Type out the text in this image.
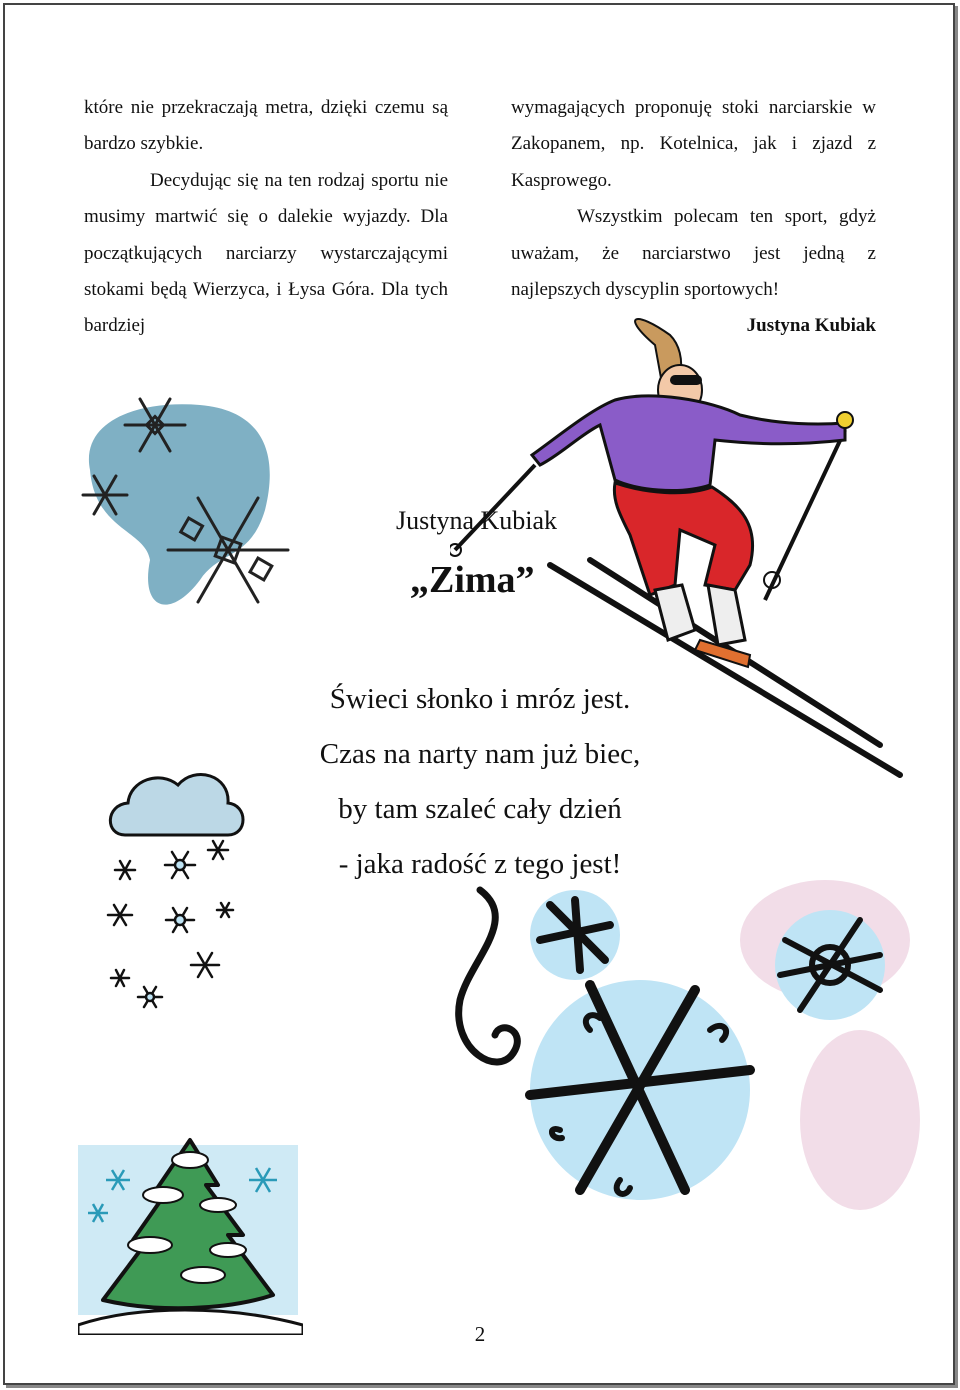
które nie przekraczają metra, dzięki czemu są bardzo szybkie.

Decydując się na ten rodzaj sportu nie musimy martwić się o dalekie wyjazdy. Dla początkujących narciarzy wystarczającymi stokami będą Wierzyca, i Łysa Góra. Dla tych bardziej

wymagających proponuję stoki narciarskie w Zakopanem, np. Kotelnica, jak i zjazd z Kasprowego.

Wszystkim polecam ten sport, gdyż uważam, że narciarstwo jest jedną z najlepszych dyscyplin sportowych!

Justyna Kubiak

Justyna Kubiak
„Zima”
Świeci słonko i mróz jest.
Czas na narty nam już biec,
by tam szaleć cały dzień
- jaka radość z tego jest!
2
